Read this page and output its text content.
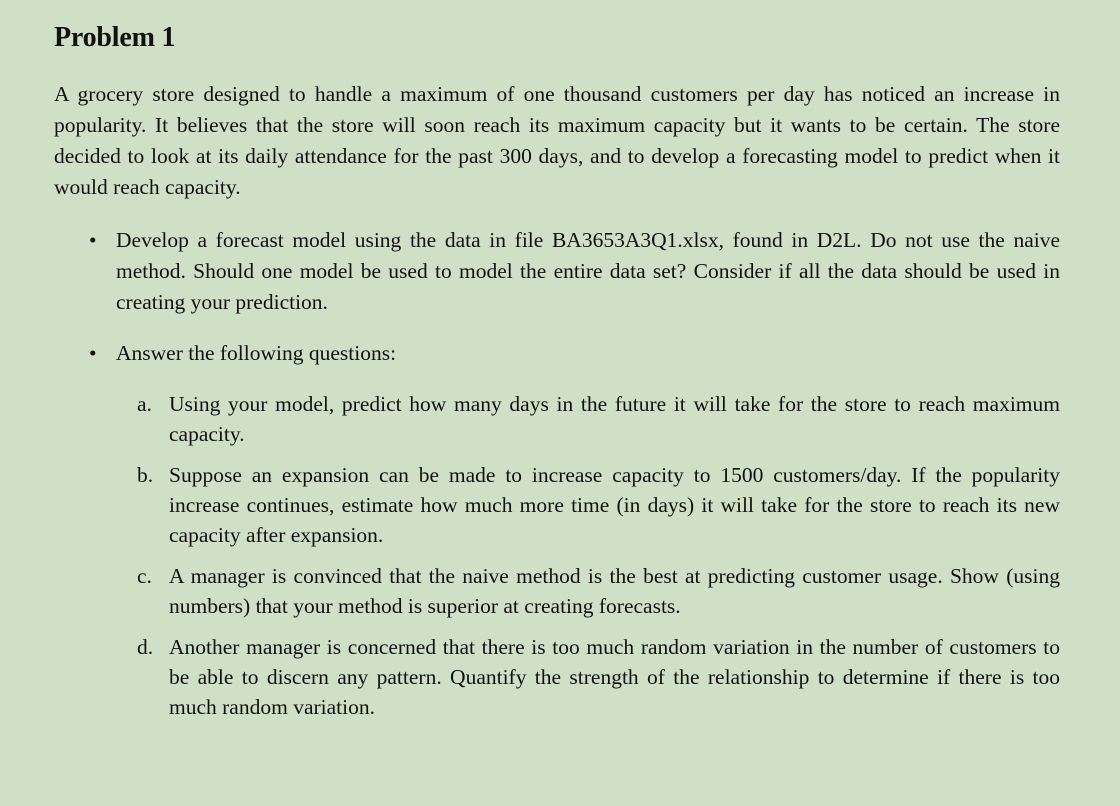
Problem 1

A grocery store designed to handle a maximum of one thousand customers per day has noticed an increase in popularity. It believes that the store will soon reach its maximum capacity but it wants to be certain. The store decided to look at its daily attendance for the past 300 days, and to develop a forecasting model to predict when it would reach capacity.

• Develop a forecast model using the data in file BA3653A3Q1.xlsx, found in D2L. Do not use the naive method. Should one model be used to model the entire data set? Consider if all the data should be used in creating your prediction.
• Answer the following questions:
a. Using your model, predict how many days in the future it will take for the store to reach maximum capacity.
b. Suppose an expansion can be made to increase capacity to 1500 customers/day. If the popularity increase continues, estimate how much more time (in days) it will take for the store to reach its new capacity after expansion.
c. A manager is convinced that the naive method is the best at predicting customer usage. Show (using numbers) that your method is superior at creating forecasts.
d. Another manager is concerned that there is too much random variation in the number of customers to be able to discern any pattern. Quantify the strength of the relationship to determine if there is too much random variation.
